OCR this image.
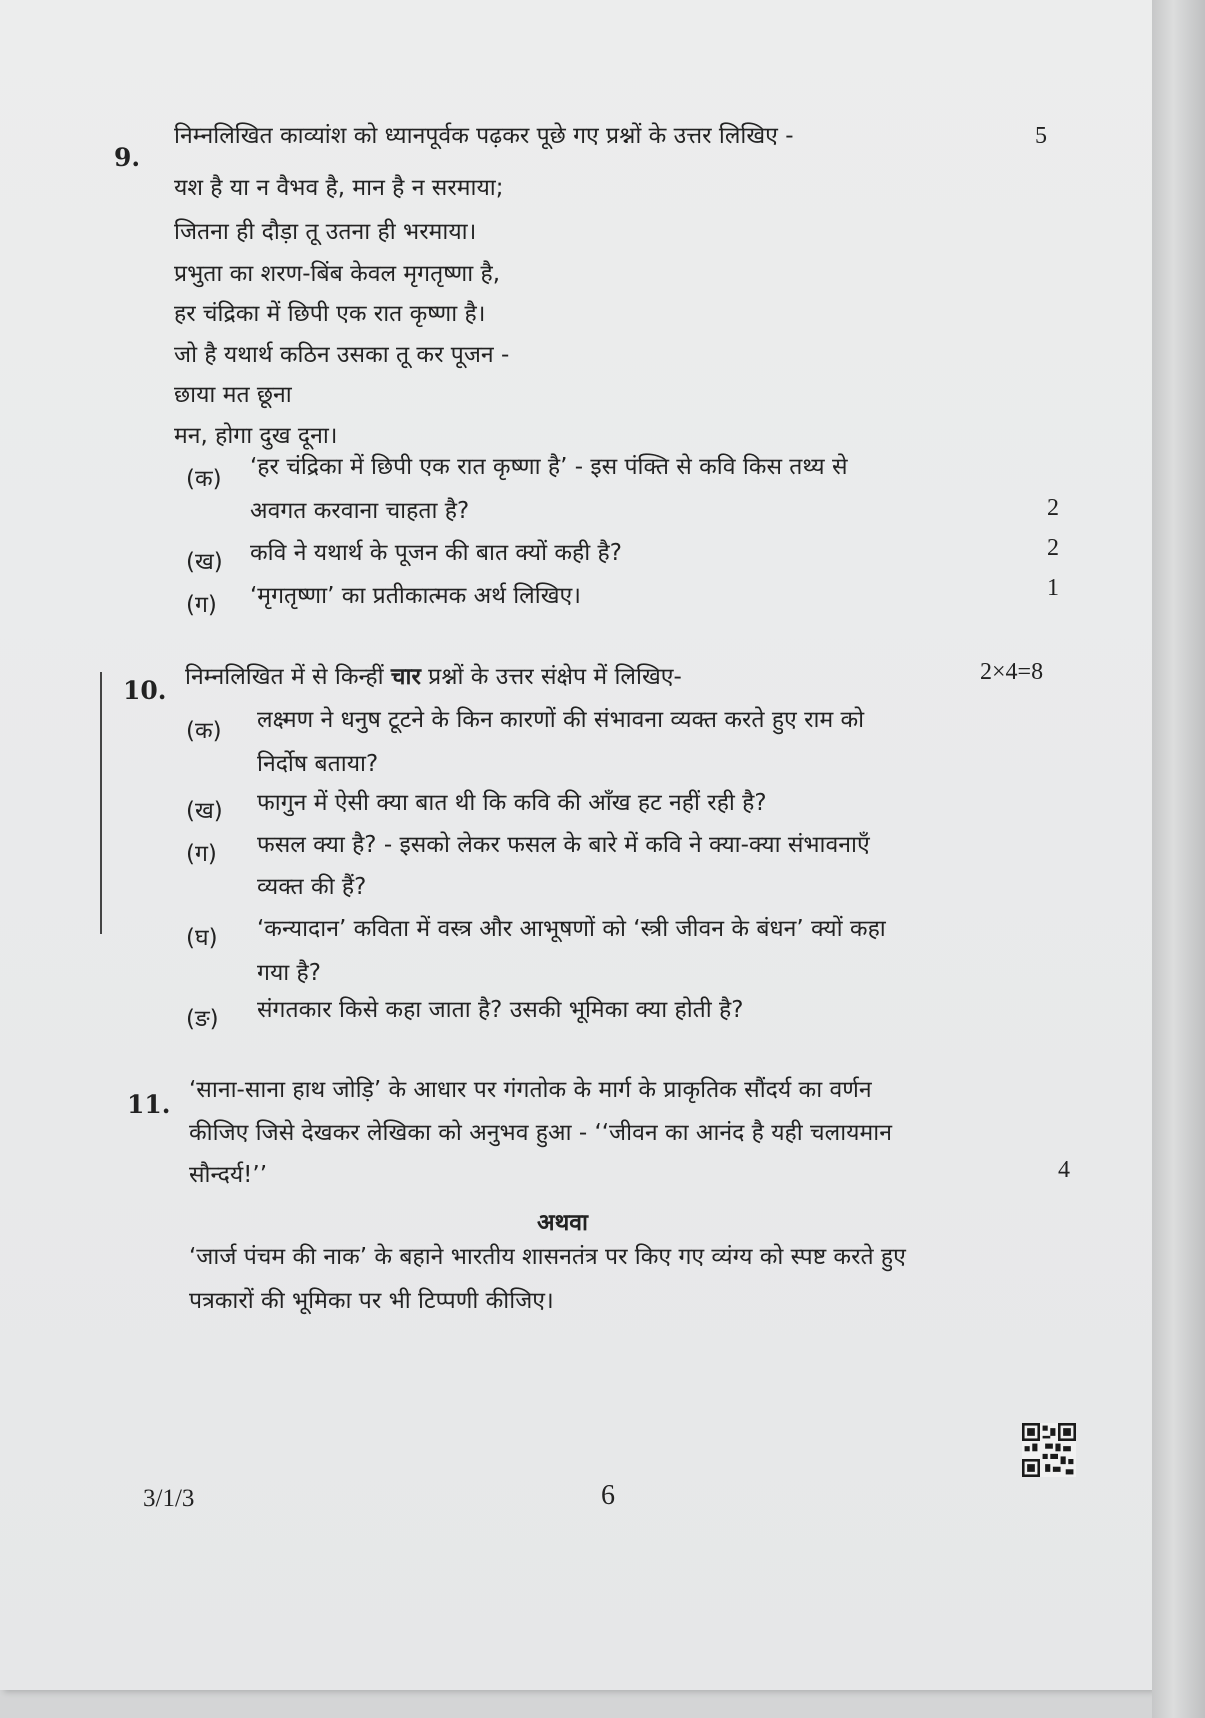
9.
निम्नलिखित काव्यांश को ध्यानपूर्वक पढ़कर पूछे गए प्रश्नों के उत्तर लिखिए -	5
यश है या न वैभव है, मान है न सरमाया;
जितना ही दौड़ा तू उतना ही भरमाया।
प्रभुता का शरण-बिंब केवल मृगतृष्णा है,
हर चंद्रिका में छिपी एक रात कृष्णा है।
जो है यथार्थ कठिन उसका तू कर पूजन -
छाया मत छूना
मन, होगा दुख दूना।
(क) ‘हर चंद्रिका में छिपी एक रात कृष्णा है’ - इस पंक्ति से कवि किस तथ्य से
अवगत करवाना चाहता है?	2
(ख) कवि ने यथार्थ के पूजन की बात क्यों कही है?	2
(ग) ‘मृगतृष्णा’ का प्रतीकात्मक अर्थ लिखिए।	1
10. निम्नलिखित में से किन्हीं चार प्रश्नों के उत्तर संक्षेप में लिखिए-	2×4=8
(क) लक्ष्मण ने धनुष टूटने के किन कारणों की संभावना व्यक्त करते हुए राम को
निर्दोष बताया?
(ख) फागुन में ऐसी क्या बात थी कि कवि की आँख हट नहीं रही है?
(ग) फसल क्या है? - इसको लेकर फसल के बारे में कवि ने क्या-क्या संभावनाएँ
व्यक्त की हैं?
(घ) ‘कन्यादान’ कविता में वस्त्र और आभूषणों को ‘स्त्री जीवन के बंधन’ क्यों कहा
गया है?
(ङ) संगतकार किसे कहा जाता है? उसकी भूमिका क्या होती है?
11. ‘साना-साना हाथ जोड़ि’ के आधार पर गंगतोक के मार्ग के प्राकृतिक सौंदर्य का वर्णन
कीजिए जिसे देखकर लेखिका को अनुभव हुआ - ‘‘जीवन का आनंद है यही चलायमान
सौन्दर्य!’’	4
अथवा
‘जार्ज पंचम की नाक’ के बहाने भारतीय शासनतंत्र पर किए गए व्यंग्य को स्पष्ट करते हुए
पत्रकारों की भूमिका पर भी टिप्पणी कीजिए।
3/1/3	6
